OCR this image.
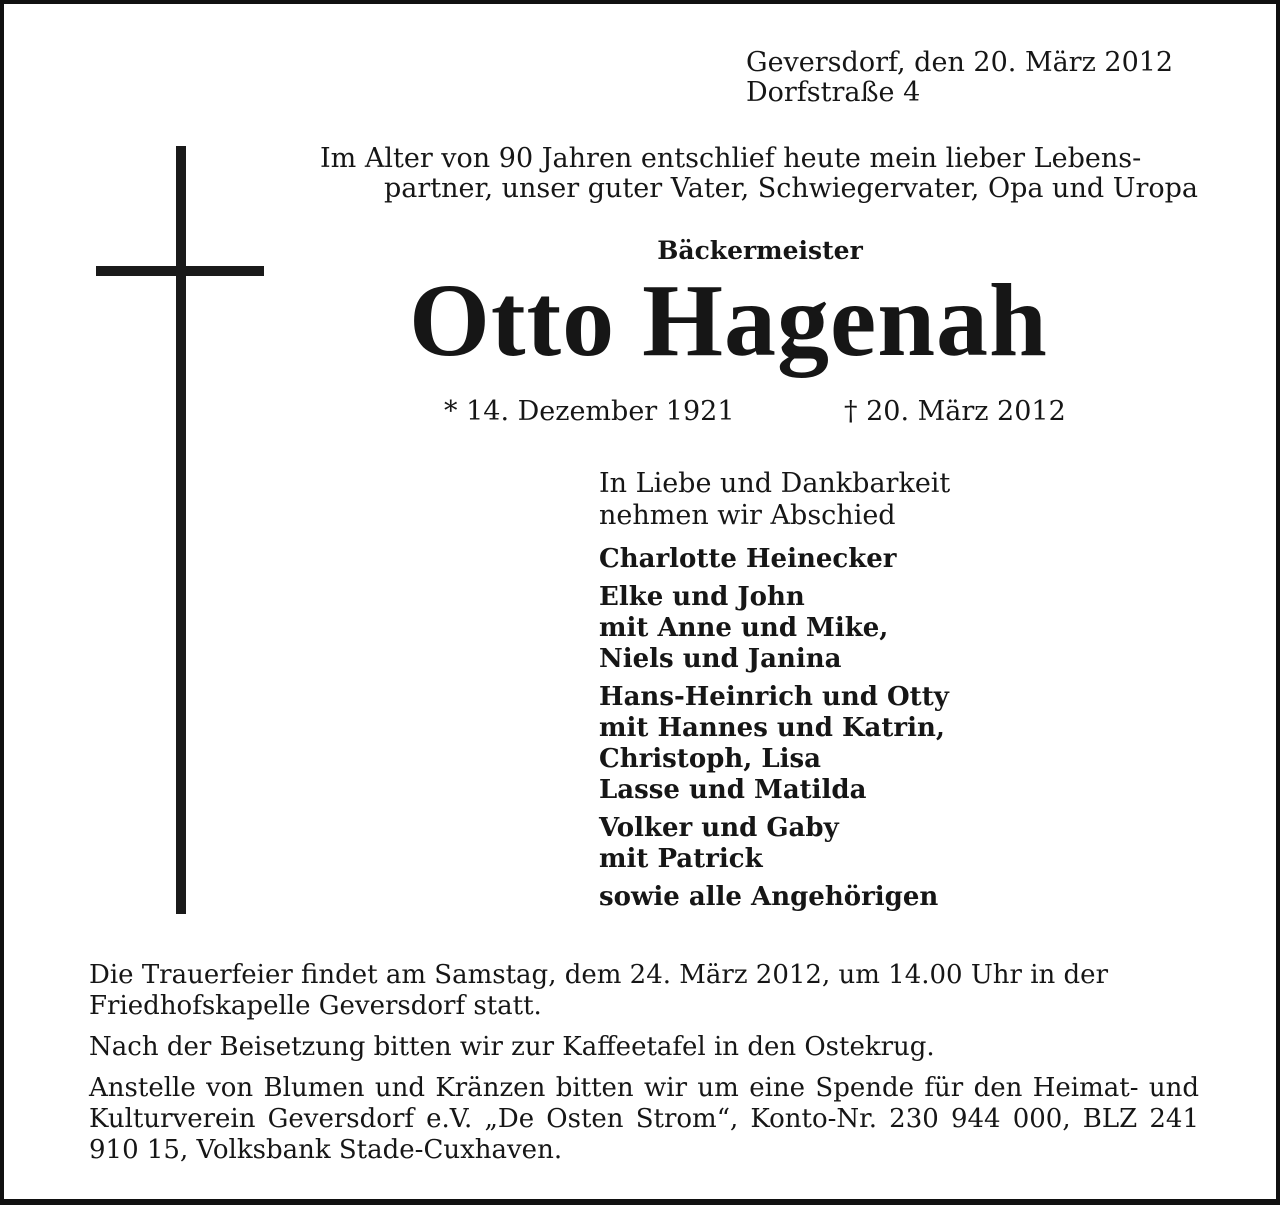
Geversdorf, den 20. März 2012
Dorfstraße 4
Im Alter von 90 Jahren entschlief heute mein lieber Lebens-
partner, unser guter Vater, Schwiegervater, Opa und Uropa
Bäckermeister
Otto Hagenah
* 14. Dezember 1921	† 20. März 2012
In Liebe und Dankbarkeit
nehmen wir Abschied
Charlotte Heinecker
Elke und John
mit Anne und Mike,
Niels und Janina
Hans-Heinrich und Otty
mit Hannes und Katrin,
Christoph, Lisa
Lasse und Matilda
Volker und Gaby
mit Patrick
sowie alle Angehörigen

Die Trauerfeier findet am Samstag, dem 24. März 2012, um 14.00 Uhr in der Friedhofskapelle Geversdorf statt.

Nach der Beisetzung bitten wir zur Kaffeetafel in den Ostekrug.

Anstelle von Blumen und Kränzen bitten wir um eine Spende für den Heimat- und Kulturverein Geversdorf e.V. „De Osten Strom“, Konto-Nr. 230 944 000, BLZ 241 910 15, Volksbank Stade-Cuxhaven.
